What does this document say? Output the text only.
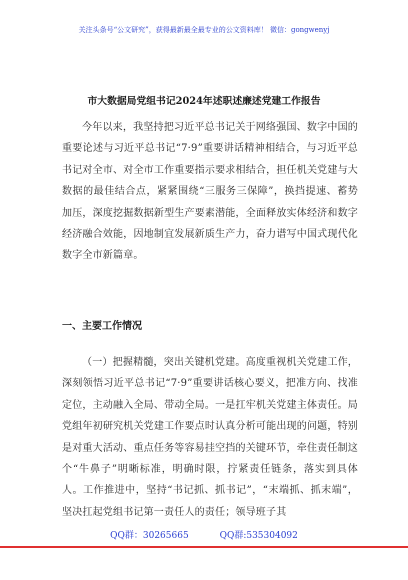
关注头条号“公文研究”，获得最新最全最专业的公文资料库！ 微信：gongwenyj
市大数据局党组书记2024年述职述廉述党建工作报告

今年以来，我坚持把习近平总书记关于网络强国、数字中国的重要论述与习近平总书记“7·9”重要讲话精神相结合，与习近平总书记对全市、对全市工作重要指示要求相结合，担任机关党建与大数据的最佳结合点，紧紧围绕“三服务三保障”，换挡提速、蓄势加压，深度挖掘数据新型生产要素潜能，全面释放实体经济和数字经济融合效能，因地制宜发展新质生产力，奋力谱写中国式现代化数字全市新篇章。

一、主要工作情况

（一）把握精髓，突出关键机党建。高度重视机关党建工作，深刻领悟习近平总书记“7·9”重要讲话核心要义，把准方向、找准定位，主动融入全局、带动全局。一是扛牢机关党建主体责任。局党组年初研究机关党建工作要点时认真分析可能出现的问题，特别是对重大活动、重点任务等容易挂空挡的关键环节，牵住责任制这个“牛鼻子”明晰标准，明确时限，拧紧责任链条，落实到具体人。工作推进中，坚持“书记抓、抓书记”，“末端抓、抓末端”，坚决扛起党组书记第一责任人的责任；领导班子其

QQ群：30265665	QQ群:535304092
